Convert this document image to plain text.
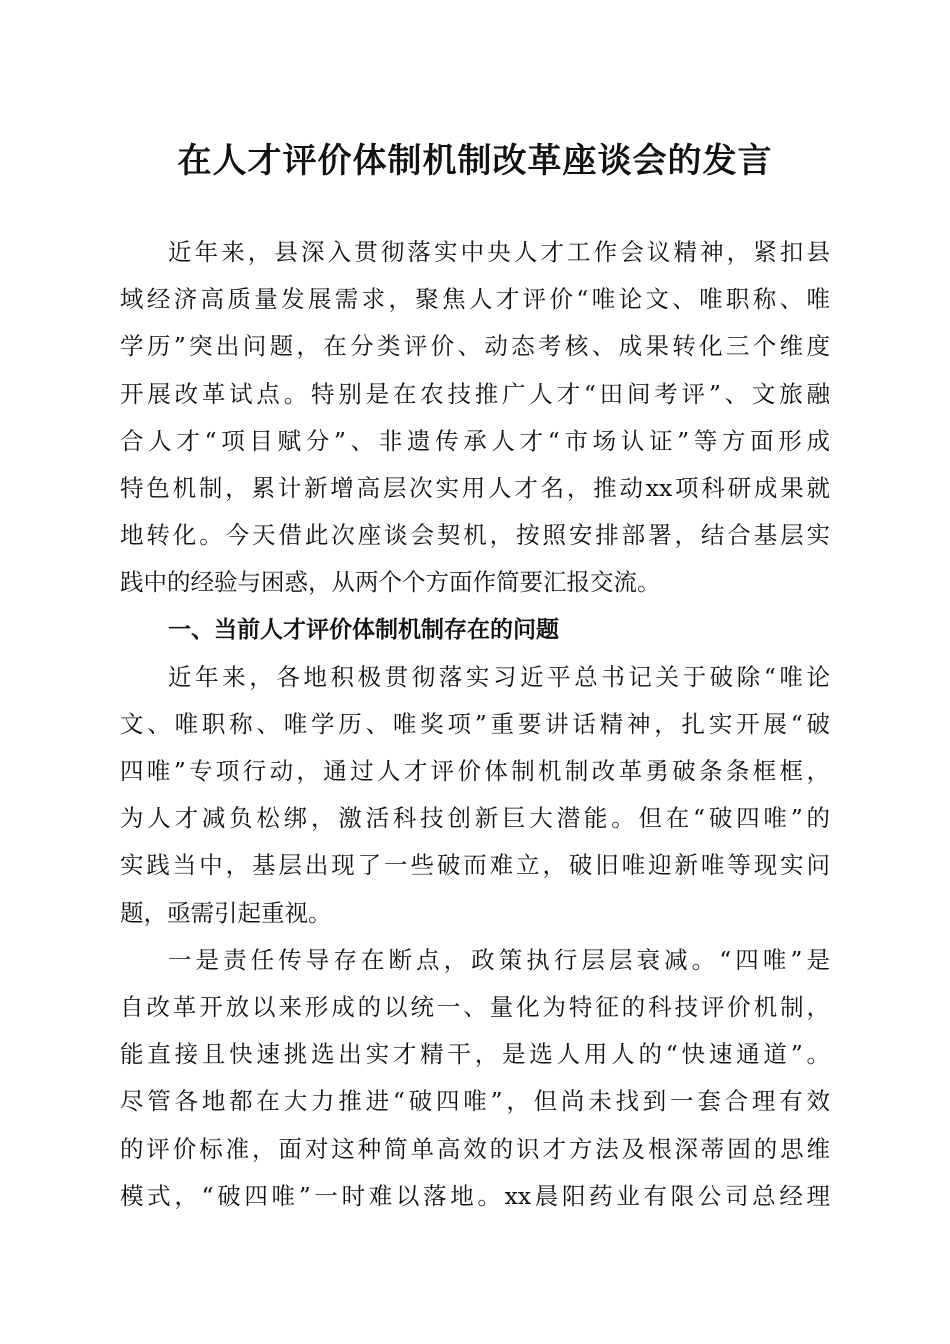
在人才评价体制机制改革座谈会的发言
近年来，县深入贯彻落实中央人才工作会议精神，紧扣县
域经济高质量发展需求，聚焦人才评价“唯论文、唯职称、唯
学历”突出问题，在分类评价、动态考核、成果转化三个维度
开展改革试点。特别是在农技推广人才“田间考评”、文旅融
合人才“项目赋分”、非遗传承人才“市场认证”等方面形成
特色机制，累计新增高层次实用人才名，推动xx项科研成果就
地转化。今天借此次座谈会契机，按照安排部署，结合基层实
践中的经验与困惑，从两个个方面作简要汇报交流。
一、当前人才评价体制机制存在的问题
近年来，各地积极贯彻落实习近平总书记关于破除“唯论
文、唯职称、唯学历、唯奖项”重要讲话精神，扎实开展“破
四唯”专项行动，通过人才评价体制机制改革勇破条条框框，
为人才减负松绑，激活科技创新巨大潜能。但在“破四唯”的
实践当中，基层出现了一些破而难立，破旧唯迎新唯等现实问
题，亟需引起重视。
一是责任传导存在断点，政策执行层层衰减。“四唯”是
自改革开放以来形成的以统一、量化为特征的科技评价机制，
能直接且快速挑选出实才精干，是选人用人的“快速通道”。
尽管各地都在大力推进“破四唯”，但尚未找到一套合理有效
的评价标准，面对这种简单高效的识才方法及根深蒂固的思维
模式，“破四唯”一时难以落地。xx晨阳药业有限公司总经理
